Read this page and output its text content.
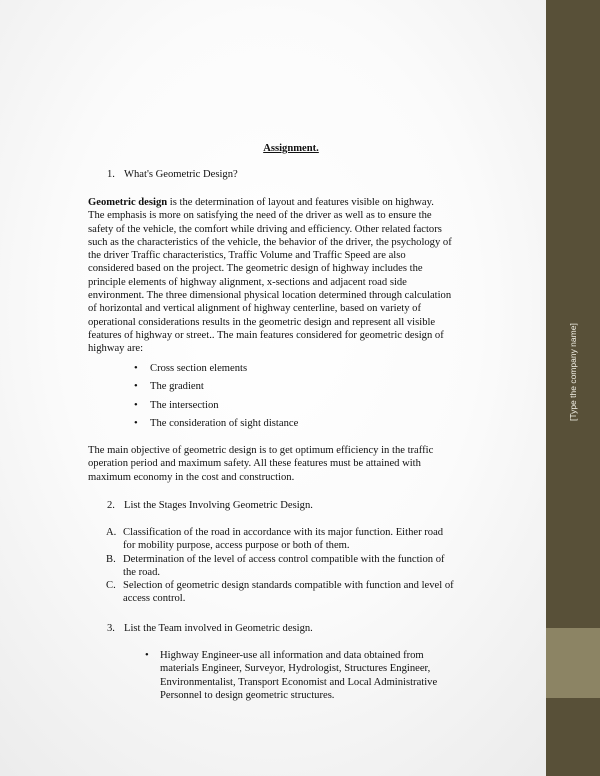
[Type the company name]
Assignment.
1. What's Geometric Design?
Geometric design is the determination of layout and features visible on highway.
The emphasis is more on satisfying the need of the driver as well as to ensure the
safety of the vehicle, the comfort while driving and efficiency. Other related factors
such as the characteristics of the vehicle, the behavior of the driver, the psychology of
the driver Traffic characteristics, Traffic Volume and Traffic Speed are also
considered based on the project. The geometric design of highway includes the
principle elements of highway alignment, x-sections and adjacent road side
environment. The three dimensional physical location determined through calculation
of horizontal and vertical alignment of highway centerline, based on variety of
operational considerations results in the geometric design and represent all visible
features of highway or street.. The main features considered for geometric design of
highway are:
• Cross section elements
• The gradient
• The intersection
• The consideration of sight distance
The main objective of geometric design is to get optimum efficiency in the traffic
operation period and maximum safety. All these features must be attained with
maximum economy in the cost and construction.
2. List the Stages Involving Geometric Design.
A. Classification of the road in accordance with its major function. Either road
for mobility purpose, access purpose or both of them.
B. Determination of the level of access control compatible with the function of
the road.
C. Selection of geometric design standards compatible with function and level of
access control.
3. List the Team involved in Geometric design.
• Highway Engineer-use all information and data obtained from
materials Engineer, Surveyor, Hydrologist, Structures Engineer,
Environmentalist, Transport Economist and Local Administrative
Personnel to design geometric structures.
